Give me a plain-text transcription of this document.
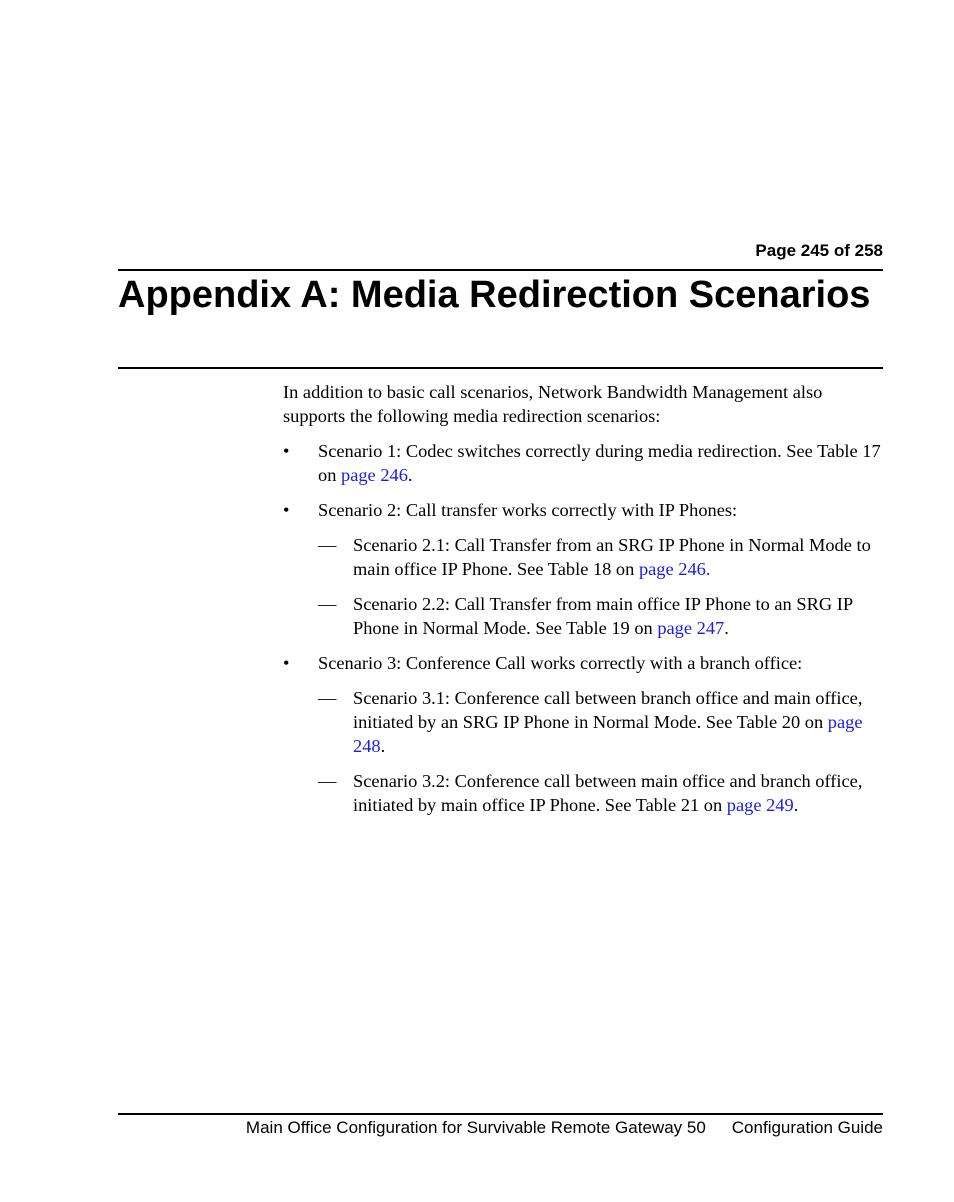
Page 245 of 258
Appendix A: Media Redirection Scenarios

In addition to basic call scenarios, Network Bandwidth Management also supports the following media redirection scenarios:

• Scenario 1: Codec switches correctly during media redirection. See Table 17 on page 246.
• Scenario 2: Call transfer works correctly with IP Phones:
— Scenario 2.1: Call Transfer from an SRG IP Phone in Normal Mode to main office IP Phone. See Table 18 on page 246.
— Scenario 2.2: Call Transfer from main office IP Phone to an SRG IP Phone in Normal Mode. See Table 19 on page 247.
• Scenario 3: Conference Call works correctly with a branch office:
— Scenario 3.1: Conference call between branch office and main office, initiated by an SRG IP Phone in Normal Mode. See Table 20 on page 248.
— Scenario 3.2: Conference call between main office and branch office, initiated by main office IP Phone. See Table 21 on page 249.
Main Office Configuration for Survivable Remote Gateway 50 Configuration Guide
